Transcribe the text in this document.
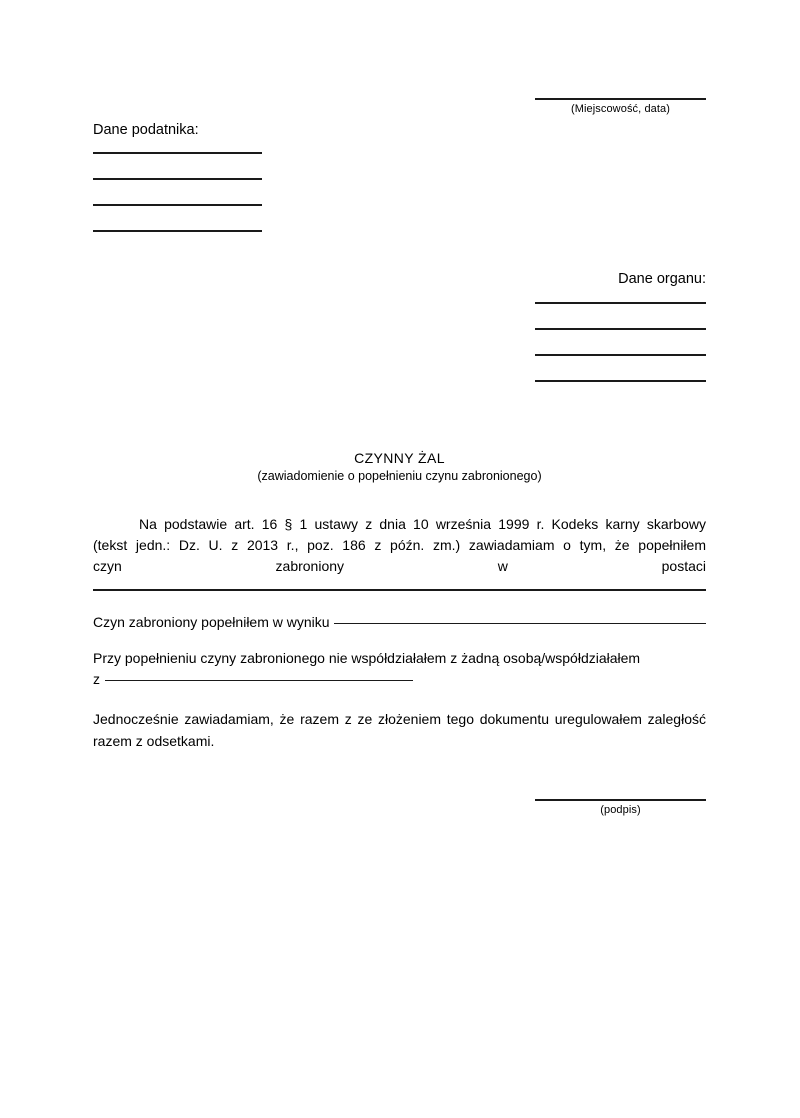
(Miejscowość, data)
Dane podatnika:
Dane organu:
CZYNNY ŻAL
(zawiadomienie o popełnieniu czynu zabronionego)

Na podstawie art. 16 § 1 ustawy z dnia 10 września 1999 r. Kodeks karny skarbowy

(tekst jedn.: Dz. U. z 2013 r., poz. 186 z późn. zm.) zawiadamiam o tym, że popełniłem

czyn zabroniony w postaci

Czyn zabroniony popełniłem w wyniku

Przy popełnieniu czyny zabronionego nie współdziałałem z żadną osobą/współdziałałem

z

Jednocześnie zawiadamiam, że razem z ze złożeniem tego dokumentu uregulowałem zaległość razem z odsetkami.

(podpis)
